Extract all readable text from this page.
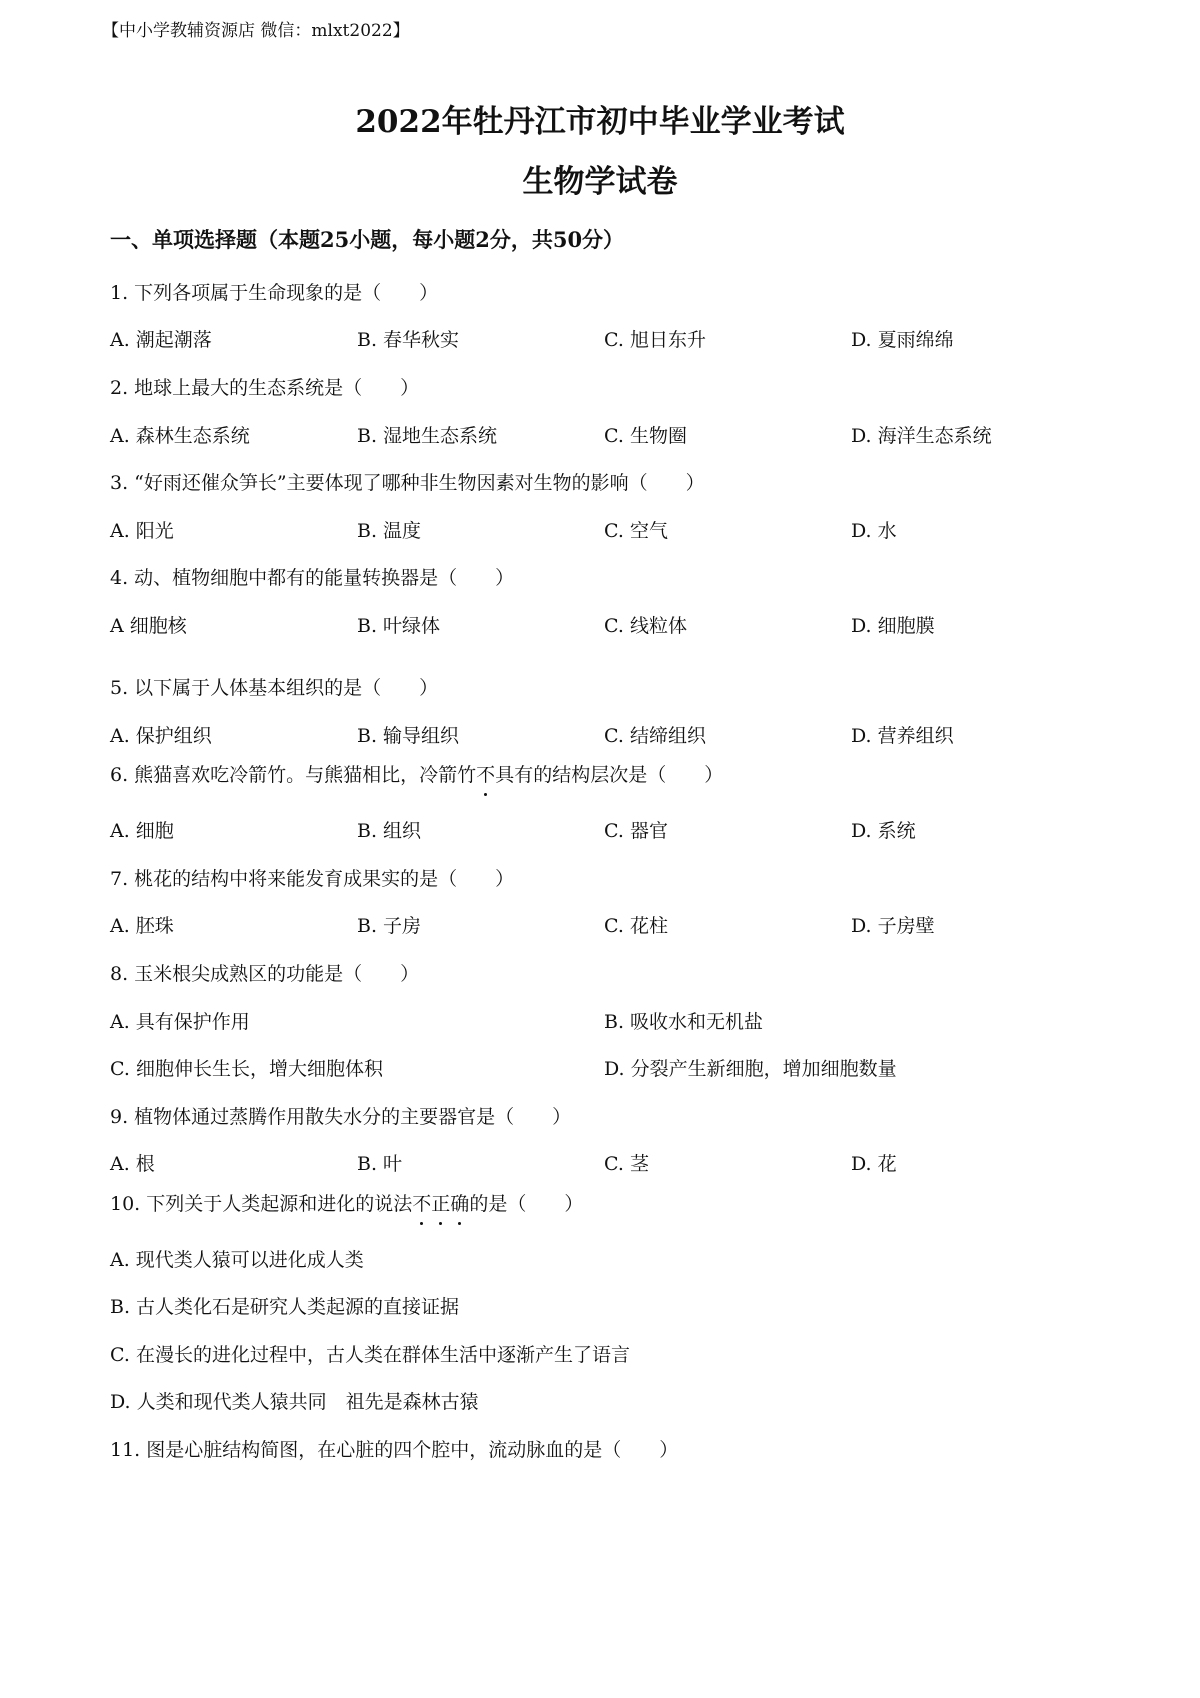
【中小学教辅资源店 微信：mlxt2022】
2022年牡丹江市初中毕业学业考试
生物学试卷
一、单项选择题（本题25小题，每小题2分，共50分）
1. 下列各项属于生命现象的是（　　）
A. 潮起潮落	B. 春华秋实	C. 旭日东升	D. 夏雨绵绵
2. 地球上最大的生态系统是（　　）
A. 森林生态系统	B. 湿地生态系统	C. 生物圈	D. 海洋生态系统
3. “好雨还催众笋长”主要体现了哪种非生物因素对生物的影响（　　）
A. 阳光	B. 温度	C. 空气	D. 水
4. 动、植物细胞中都有的能量转换器是（　　）
A 细胞核	B. 叶绿体	C. 线粒体	D. 细胞膜
5. 以下属于人体基本组织的是（　　）
A. 保护组织	B. 输导组织	C. 结缔组织	D. 营养组织
6. 熊猫喜欢吃冷箭竹。与熊猫相比，冷箭竹不具有的结构层次是（　　）
A. 细胞	B. 组织	C. 器官	D. 系统
7. 桃花的结构中将来能发育成果实的是（　　）
A. 胚珠	B. 子房	C. 花柱	D. 子房壁
8. 玉米根尖成熟区的功能是（　　）
A. 具有保护作用	B. 吸收水和无机盐
C. 细胞伸长生长，增大细胞体积	D. 分裂产生新细胞，增加细胞数量
9. 植物体通过蒸腾作用散失水分的主要器官是（　　）
A. 根	B. 叶	C. 茎	D. 花
10. 下列关于人类起源和进化的说法不正确的是（　　）
A. 现代类人猿可以进化成人类
B. 古人类化石是研究人类起源的直接证据
C. 在漫长的进化过程中，古人类在群体生活中逐渐产生了语言
D. 人类和现代类人猿共同　祖先是森林古猿
11. 图是心脏结构简图，在心脏的四个腔中，流动脉血的是（　　）
